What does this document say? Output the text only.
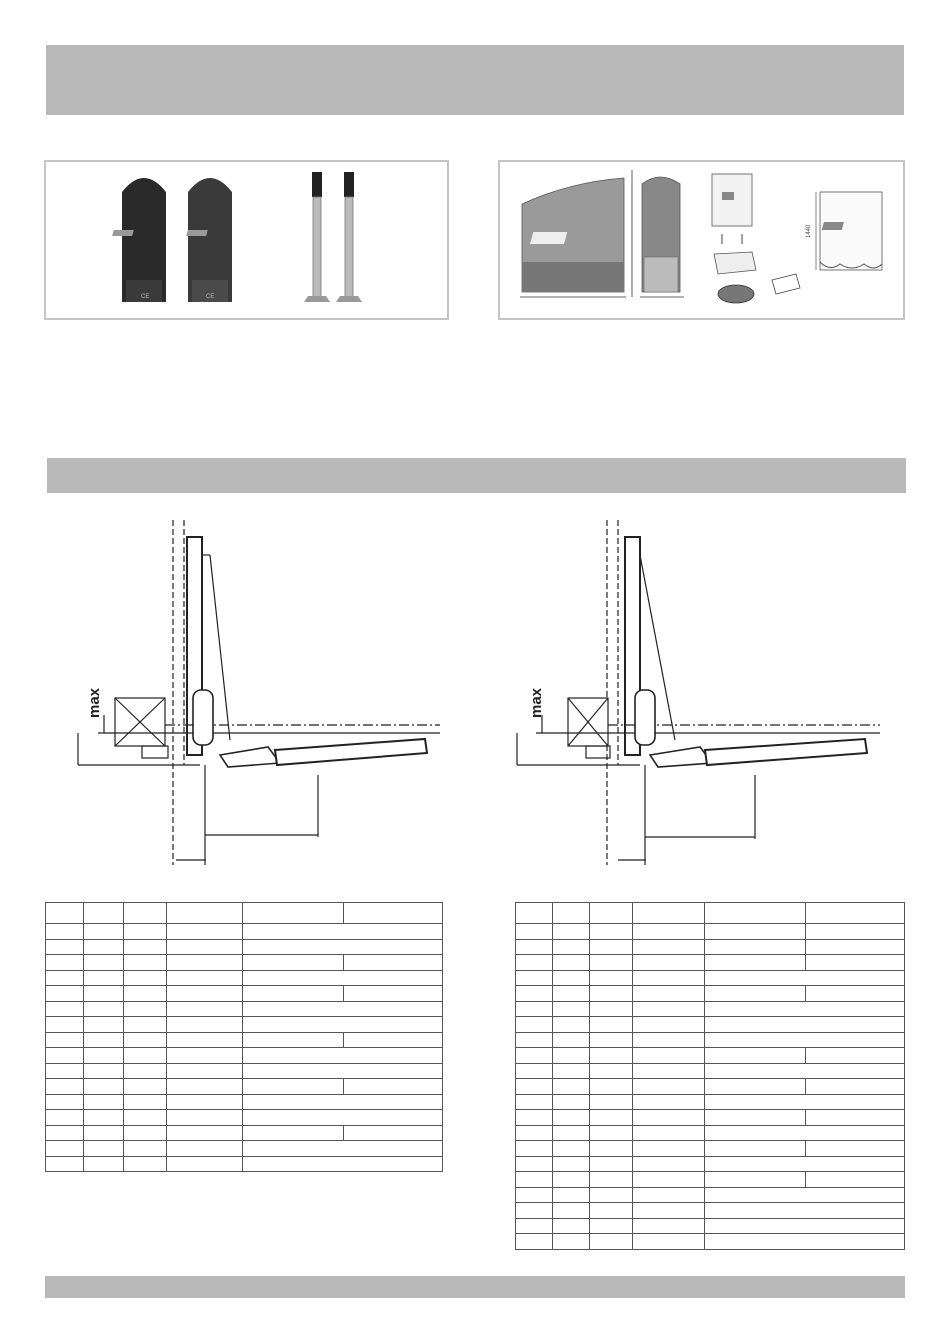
CE	CE
1440
max	max
